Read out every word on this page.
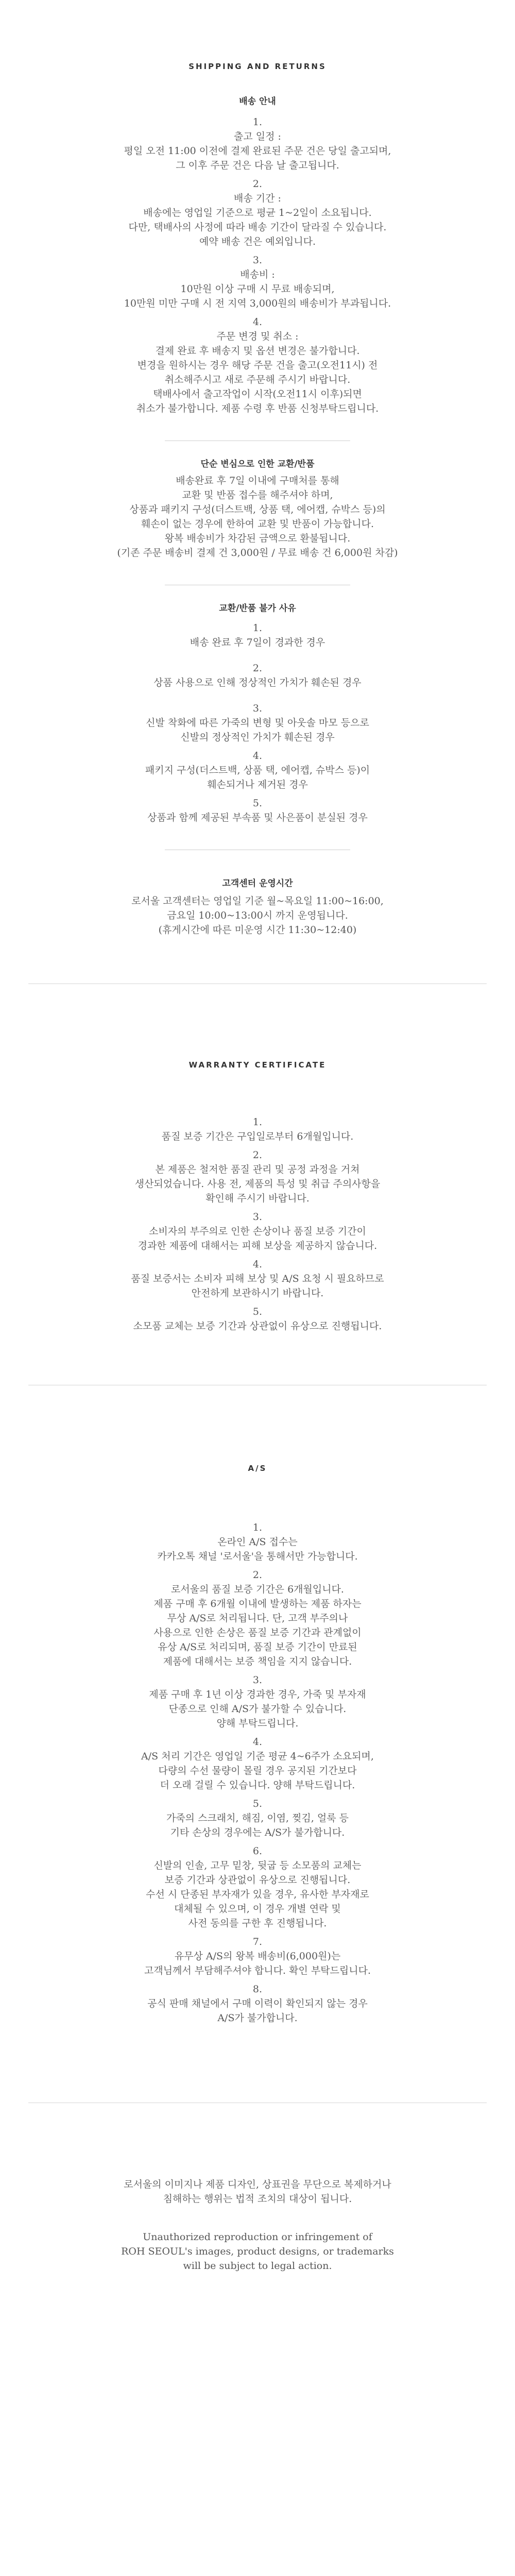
SHIPPING AND RETURNS
배송 안내

1.

출고 일정 :

평일 오전 11:00 이전에 결제 완료된 주문 건은 당일 출고되며,

그 이후 주문 건은 다음 날 출고됩니다.

2.

배송 기간 :

배송에는 영업일 기준으로 평균 1~2일이 소요됩니다.

다만, 택배사의 사정에 따라 배송 기간이 달라질 수 있습니다.

예약 배송 건은 예외입니다.

3.

배송비 :

10만원 이상 구매 시 무료 배송되며,

10만원 미만 구매 시 전 지역 3,000원의 배송비가 부과됩니다.

4.

주문 변경 및 취소 :

결제 완료 후 배송지 및 옵션 변경은 불가합니다.

변경을 원하시는 경우 해당 주문 건을 출고(오전11시) 전

취소해주시고 새로 주문해 주시기 바랍니다.

택배사에서 출고작업이 시작(오전11시 이후)되면

취소가 불가합니다. 제품 수령 후 반품 신청부탁드립니다.

단순 변심으로 인한 교환/반품

배송완료 후 7일 이내에 구매처를 통해

교환 및 반품 접수를 해주셔야 하며,

상품과 패키지 구성(더스트백, 상품 택, 에어캡, 슈박스 등)의

훼손이 없는 경우에 한하여 교환 및 반품이 가능합니다.

왕복 배송비가 차감된 금액으로 환불됩니다.

(기존 주문 배송비 결제 건 3,000원 / 무료 배송 건 6,000원 차감)

교환/반품 불가 사유

1.

배송 완료 후 7일이 경과한 경우

2.

상품 사용으로 인해 정상적인 가치가 훼손된 경우

3.

신발 착화에 따른 가죽의 변형 및 아웃솔 마모 등으로

신발의 정상적인 가치가 훼손된 경우

4.

패키지 구성(더스트백, 상품 택, 에어캡, 슈박스 등)이

훼손되거나 제거된 경우

5.

상품과 함께 제공된 부속품 및 사은품이 분실된 경우

고객센터 운영시간

로서울 고객센터는 영업일 기준 월~목요일 11:00~16:00,

금요일 10:00~13:00시 까지 운영됩니다.

(휴게시간에 따른 미운영 시간 11:30~12:40)

WARRANTY CERTIFICATE

1.

품질 보증 기간은 구입일로부터 6개월입니다.

2.

본 제품은 철저한 품질 관리 및 공정 과정을 거쳐

생산되었습니다. 사용 전, 제품의 특성 및 취급 주의사항을

확인해 주시기 바랍니다.

3.

소비자의 부주의로 인한 손상이나 품질 보증 기간이

경과한 제품에 대해서는 피해 보상을 제공하지 않습니다.

4.

품질 보증서는 소비자 피해 보상 및 A/S 요청 시 필요하므로

안전하게 보관하시기 바랍니다.

5.

소모품 교체는 보증 기간과 상관없이 유상으로 진행됩니다.

A/S

1.

온라인 A/S 접수는

카카오톡 채널 '로서울'을 통해서만 가능합니다.

2.

로서울의 품질 보증 기간은 6개월입니다.

제품 구매 후 6개월 이내에 발생하는 제품 하자는

무상 A/S로 처리됩니다. 단, 고객 부주의나

사용으로 인한 손상은 품질 보증 기간과 관계없이

유상 A/S로 처리되며, 품질 보증 기간이 만료된

제품에 대해서는 보증 책임을 지지 않습니다.

3.

제품 구매 후 1년 이상 경과한 경우, 가죽 및 부자재

단종으로 인해 A/S가 불가할 수 있습니다.

양해 부탁드립니다.

4.

A/S 처리 기간은 영업일 기준 평균 4~6주가 소요되며,

다량의 수선 물량이 몰릴 경우 공지된 기간보다

더 오래 걸릴 수 있습니다. 양해 부탁드립니다.

5.

가죽의 스크래치, 해짐, 이염, 찢김, 얼룩 등

기타 손상의 경우에는 A/S가 불가합니다.

6.

신발의 인솔, 고무 밑창, 뒷굽 등 소모품의 교체는

보증 기간과 상관없이 유상으로 진행됩니다.

수선 시 단종된 부자재가 있을 경우, 유사한 부자재로

대체될 수 있으며, 이 경우 개별 연락 및

사전 동의를 구한 후 진행됩니다.

7.

유무상 A/S의 왕복 배송비(6,000원)는

고객님께서 부담해주셔야 합니다. 확인 부탁드립니다.

8.

공식 판매 채널에서 구매 이력이 확인되지 않는 경우

A/S가 불가합니다.

로서울의 이미지나 제품 디자인, 상표권을 무단으로 복제하거나

침해하는 행위는 법적 조치의 대상이 됩니다.

Unauthorized reproduction or infringement of

ROH SEOUL's images, product designs, or trademarks

will be subject to legal action.
